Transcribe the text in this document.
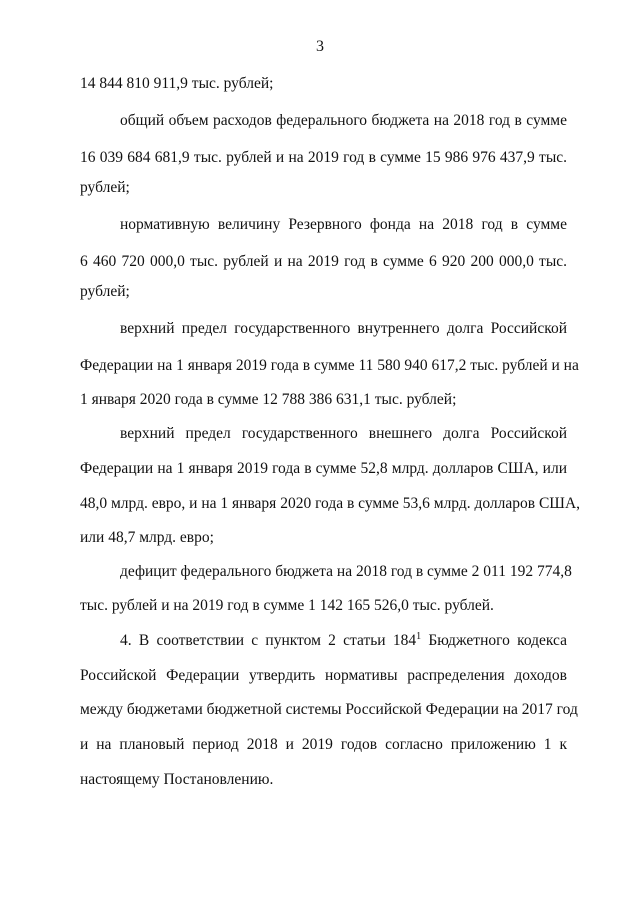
3
14 844 810 911,9 тыс. рублей;
общий объем расходов федерального бюджета на 2018 год в сумме
16 039 684 681,9 тыс. рублей и на 2019 год в сумме 15 986 976 437,9 тыс.
рублей;
нормативную величину Резервного фонда на 2018 год в сумме
6 460 720 000,0 тыс. рублей и на 2019 год в сумме 6 920 200 000,0 тыс.
рублей;
верхний предел государственного внутреннего долга Российской
Федерации на 1 января 2019 года в сумме 11 580 940 617,2 тыс. рублей и на
1 января 2020 года в сумме 12 788 386 631,1 тыс. рублей;
верхний предел государственного внешнего долга Российской
Федерации на 1 января 2019 года в сумме 52,8 млрд. долларов США, или
48,0 млрд. евро, и на 1 января 2020 года в сумме 53,6 млрд. долларов США,
или 48,7 млрд. евро;
дефицит федерального бюджета на 2018 год в сумме 2 011 192 774,8
тыс. рублей и на 2019 год в сумме 1 142 165 526,0 тыс. рублей.
4. В соответствии с пунктом 2 статьи $184^1$ Бюджетного кодекса
Российской Федерации утвердить нормативы распределения доходов
между бюджетами бюджетной системы Российской Федерации на 2017 год
и на плановый период 2018 и 2019 годов согласно приложению 1 к
настоящему Постановлению.
